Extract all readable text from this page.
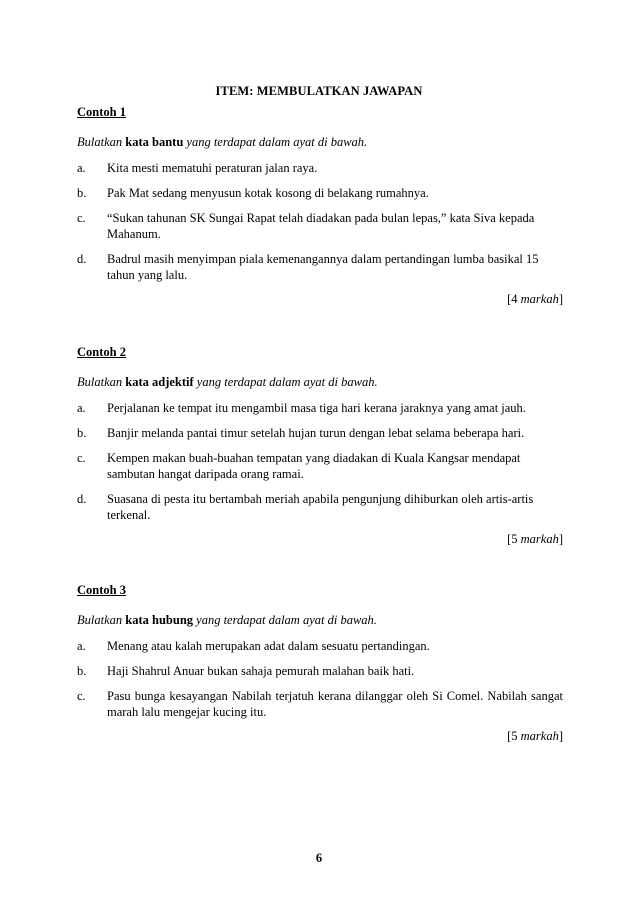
ITEM: MEMBULATKAN JAWAPAN

Contoh 1

Bulatkan kata bantu yang terdapat dalam ayat di bawah.
a.	Kita mesti mematuhi peraturan jalan raya.
b.	Pak Mat sedang menyusun kotak kosong di belakang rumahnya.
c.	“Sukan tahunan SK Sungai Rapat telah diadakan pada bulan lepas,” kata Siva kepada Mahanum.
d.	Badrul masih menyimpan piala kemenangannya dalam pertandingan lumba basikal 15 tahun yang lalu.
[4 markah]

Contoh 2

Bulatkan kata adjektif yang terdapat dalam ayat di bawah.
a.	Perjalanan ke tempat itu mengambil masa tiga hari kerana jaraknya yang amat jauh.
b.	Banjir melanda pantai timur setelah hujan turun dengan lebat selama beberapa hari.
c.	Kempen makan buah-buahan tempatan yang diadakan di Kuala Kangsar mendapat sambutan hangat daripada orang ramai.
d.	Suasana di pesta itu bertambah meriah apabila pengunjung dihiburkan oleh artis-artis terkenal.
[5 markah]

Contoh 3

Bulatkan kata hubung yang terdapat dalam ayat di bawah.
a.	Menang atau kalah merupakan adat dalam sesuatu pertandingan.
b.	Haji Shahrul Anuar bukan sahaja pemurah malahan baik hati.
c.	Pasu bunga kesayangan Nabilah terjatuh kerana dilanggar oleh Si Comel. Nabilah sangat marah lalu mengejar kucing itu.
[5 markah]
6
